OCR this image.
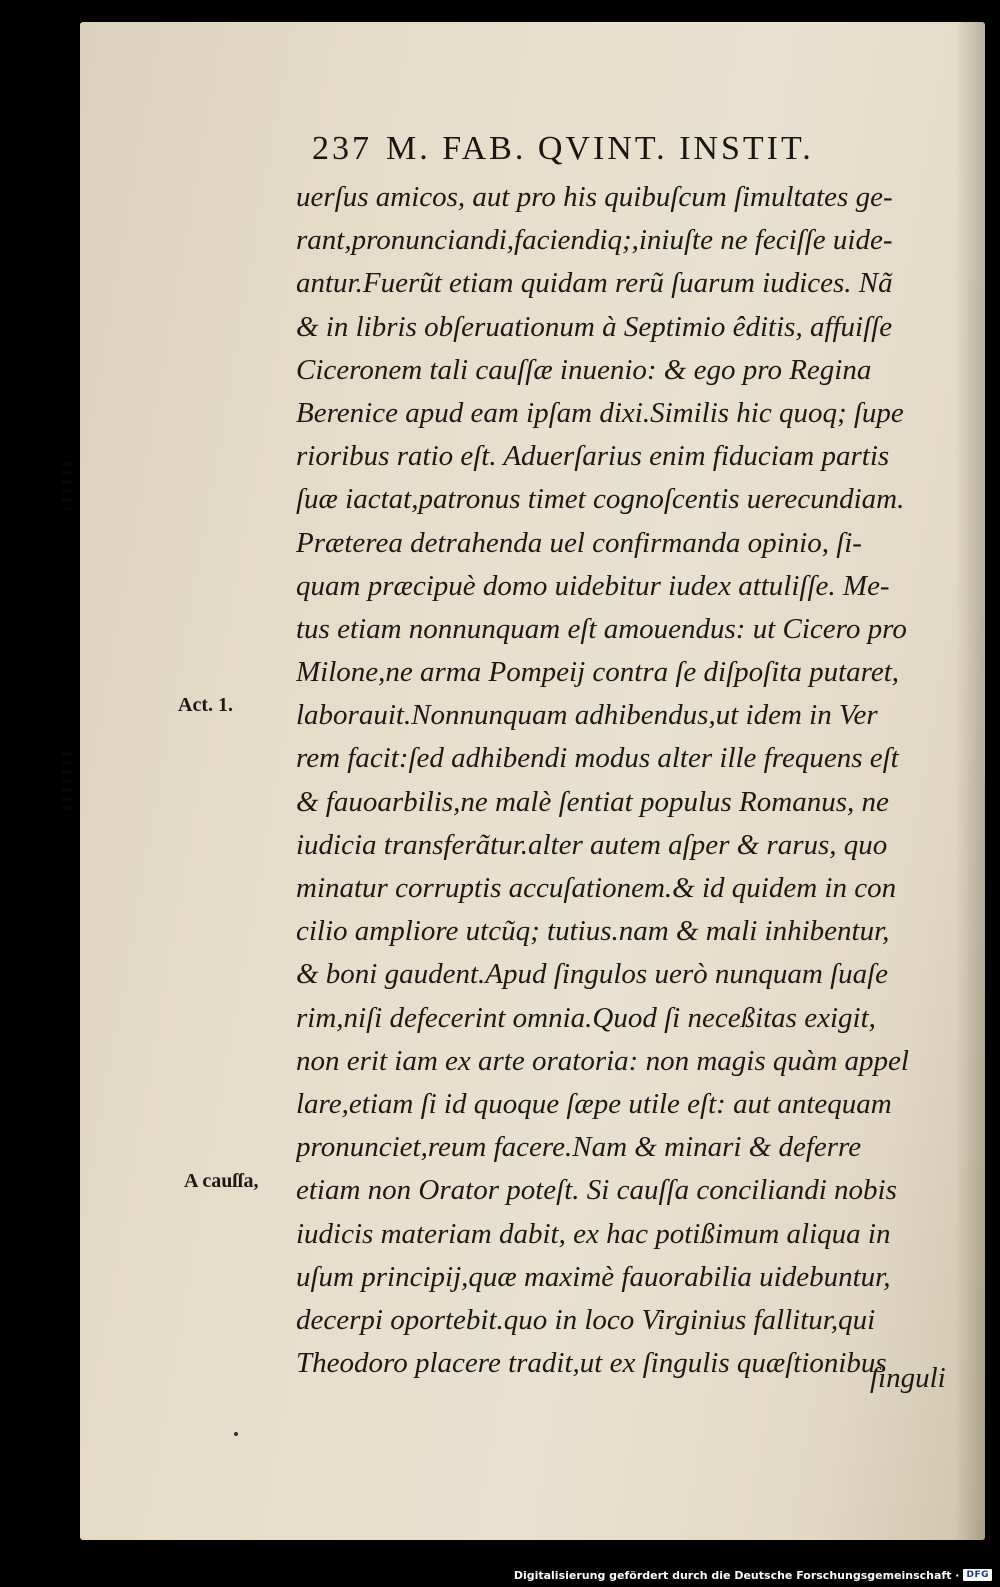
237 M. FAB. QVINT. INSTIT.
uerſus amicos, aut pro his quibuſcum ſimultates ge-
rant,pronunciandi,faciendiq;,iniuſte ne feciſſe uide-
antur.Fuerũt etiam quidam rerũ ſuarum iudices. Nã
& in libris obſeruationum à Septimio êditis, affuiſſe
Ciceronem tali cauſſæ inuenio: & ego pro Regina
Berenice apud eam ipſam dixi.Similis hic quoq; ſupe
rioribus ratio eſt. Aduerſarius enim fiduciam partis
ſuæ iactat,patronus timet cognoſcentis uerecundiam.
Præterea detrahenda uel confirmanda opinio, ſi-
quam præcipuè domo uidebitur iudex attuliſſe. Me-
tus etiam nonnunquam eſt amouendus: ut Cicero pro
Milone,ne arma Pompeij contra ſe diſpoſita putaret,
laborauit.Nonnunquam adhibendus,ut idem in Ver
rem facit:ſed adhibendi modus alter ille frequens eſt
& fauoarbilis,ne malè ſentiat populus Romanus, ne
iudicia transferãtur.alter autem aſper & rarus, quo
minatur corruptis accuſationem.& id quidem in con
cilio ampliore utcũq; tutius.nam & mali inhibentur,
& boni gaudent.Apud ſingulos uerò nunquam ſuaſe
rim,niſi defecerint omnia.Quod ſi neceßitas exigit,
non erit iam ex arte oratoria: non magis quàm appel
lare,etiam ſi id quoque ſæpe utile eſt: aut antequam
pronunciet,reum facere.Nam & minari & deferre
etiam non Orator poteſt. Si cauſſa conciliandi nobis
iudicis materiam dabit, ex hac potißimum aliqua in
uſum principij,quæ maximè fauorabilia uidebuntur,
decerpi oportebit.quo in loco Virginius fallitur,qui
Theodoro placere tradit,ut ex ſingulis quæſtionibus
ſinguli
Act. 1.
A cauſſa,
Digitalisierung gefördert durch die Deutsche Forschungsgemeinschaft · DFG
